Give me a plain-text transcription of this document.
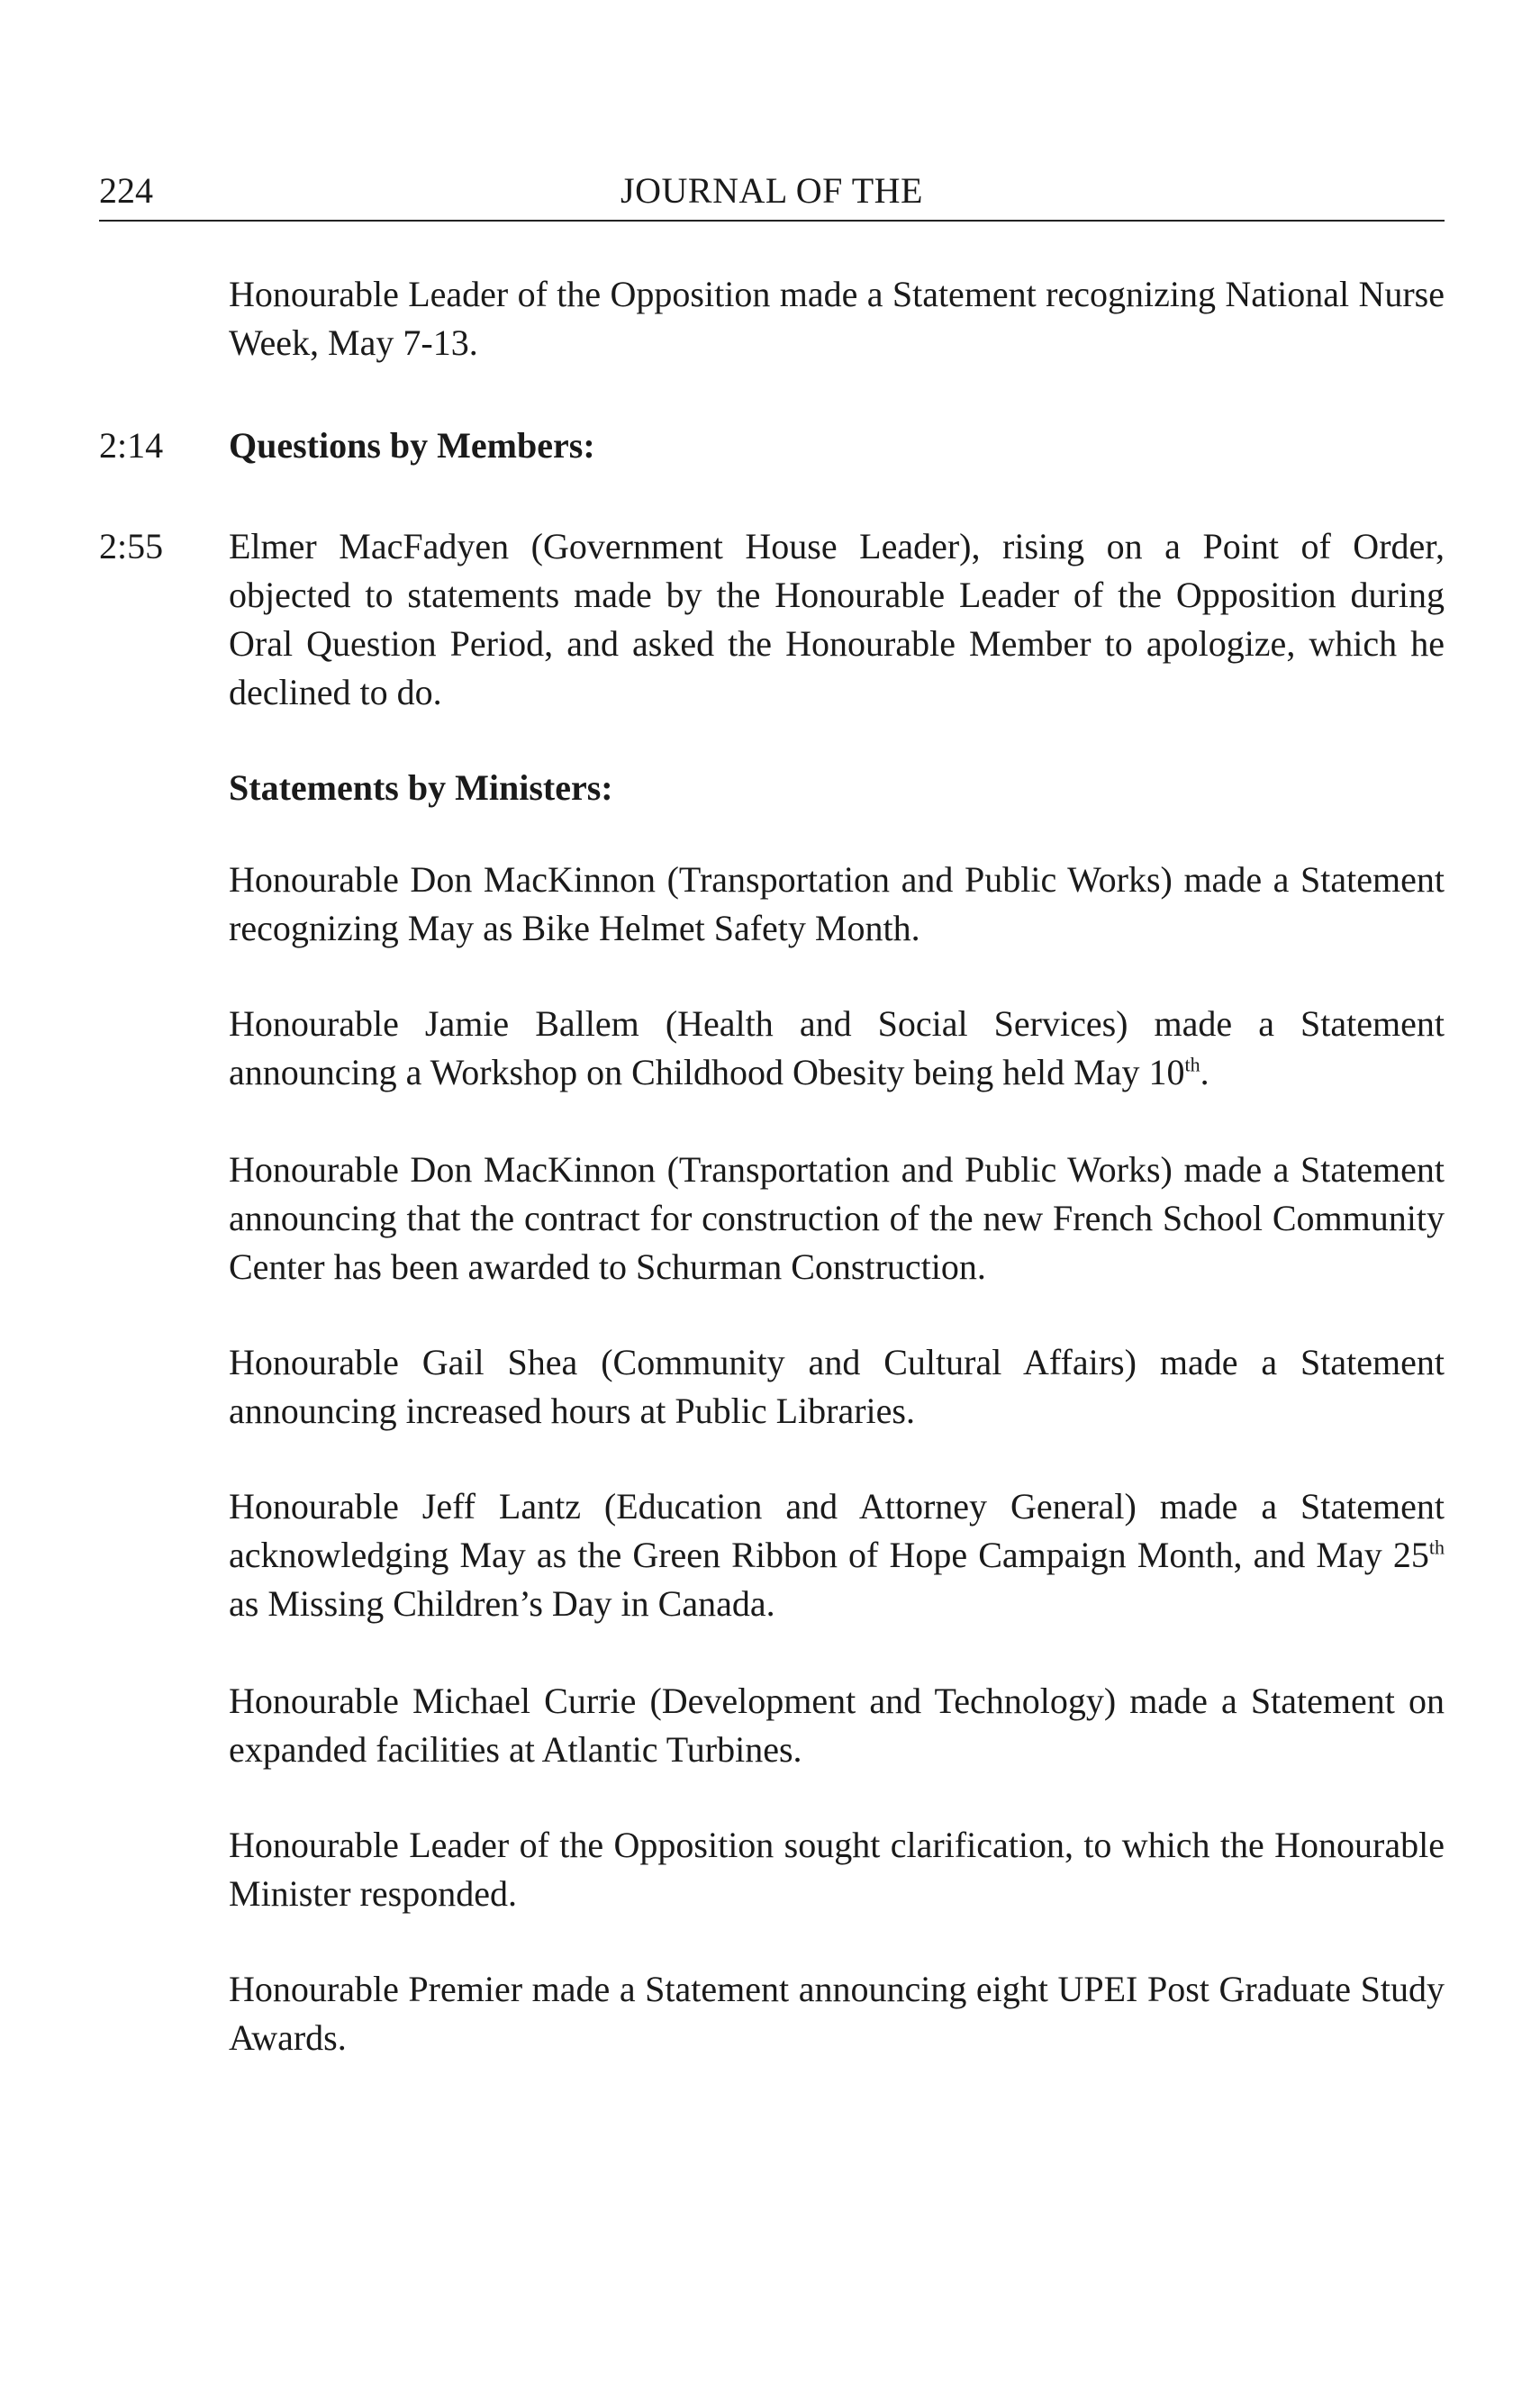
224	JOURNAL OF THE
Honourable Leader of the Opposition made a Statement recognizing National Nurse Week, May 7-13.
2:14	Questions by Members:
2:55	Elmer MacFadyen (Government House Leader), rising on a Point of Order, objected to statements made by the Honourable Leader of the Opposition during Oral Question Period, and asked the Honourable Member to apologize, which he declined to do.
Statements by Ministers:
Honourable Don MacKinnon (Transportation and Public Works) made a Statement recognizing May as Bike Helmet Safety Month.
Honourable Jamie Ballem (Health and Social Services) made a Statement announcing a Workshop on Childhood Obesity being held May 10th.
Honourable Don MacKinnon (Transportation and Public Works) made a Statement announcing that the contract for construction of the new French School Community Center has been awarded to Schurman Construction.
Honourable Gail Shea (Community and Cultural Affairs) made a Statement announcing increased hours at Public Libraries.
Honourable Jeff Lantz (Education and Attorney General) made a Statement acknowledging May as the Green Ribbon of Hope Campaign Month, and May 25th as Missing Children’s Day in Canada.
Honourable Michael Currie (Development and Technology) made a Statement on expanded facilities at Atlantic Turbines.
Honourable Leader of the Opposition sought clarification, to which the Honourable Minister responded.
Honourable Premier made a Statement announcing eight UPEI Post Graduate Study Awards.
